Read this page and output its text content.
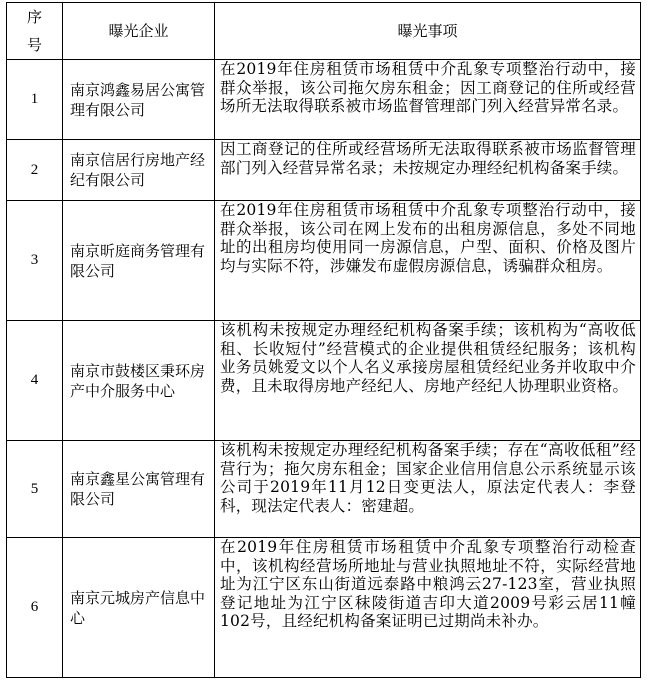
序
号	曝光企业	曝光事项
1	南京鸿鑫易居公寓管理有限公司	在2019年住房租赁市场租赁中介乱象专项整治行动中，接群众举报，该公司拖欠房东租金；因工商登记的住所或经营场所无法取得联系被市场监督管理部门列入经营异常名录。
2	南京信居行房地产经纪有限公司	因工商登记的住所或经营场所无法取得联系被市场监督管理部门列入经营异常名录；未按规定办理经纪机构备案手续。
3	南京昕庭商务管理有限公司	在2019年住房租赁市场租赁中介乱象专项整治行动中，接群众举报，该公司在网上发布的出租房源信息，多处不同地址的出租房均使用同一房源信息，户型、面积、价格及图片均与实际不符，涉嫌发布虚假房源信息，诱骗群众租房。
4	南京市鼓楼区秉环房产中介服务中心	该机构未按规定办理经纪机构备案手续；该机构为“高收低租、长收短付”经营模式的企业提供租赁经纪服务；该机构业务员姚爱文以个人名义承接房屋租赁经纪业务并收取中介费，且未取得房地产经纪人、房地产经纪人协理职业资格。
5	南京鑫星公寓管理有限公司	该机构未按规定办理经纪机构备案手续；存在“高收低租”经营行为；拖欠房东租金；国家企业信用信息公示系统显示该公司于2019年11月12日变更法人，原法定代表人：李登科，现法定代表人：密建超。
6	南京元城房产信息中心	在2019年住房租赁市场租赁中介乱象专项整治行动检查中，该机构经营场所地址与营业执照地址不符，实际经营地址为江宁区东山街道远泰路中粮鸿云27-123室，营业执照登记地址为江宁区秣陵街道吉印大道2009号彩云居11幢102号，且经纪机构备案证明已过期尚未补办。
